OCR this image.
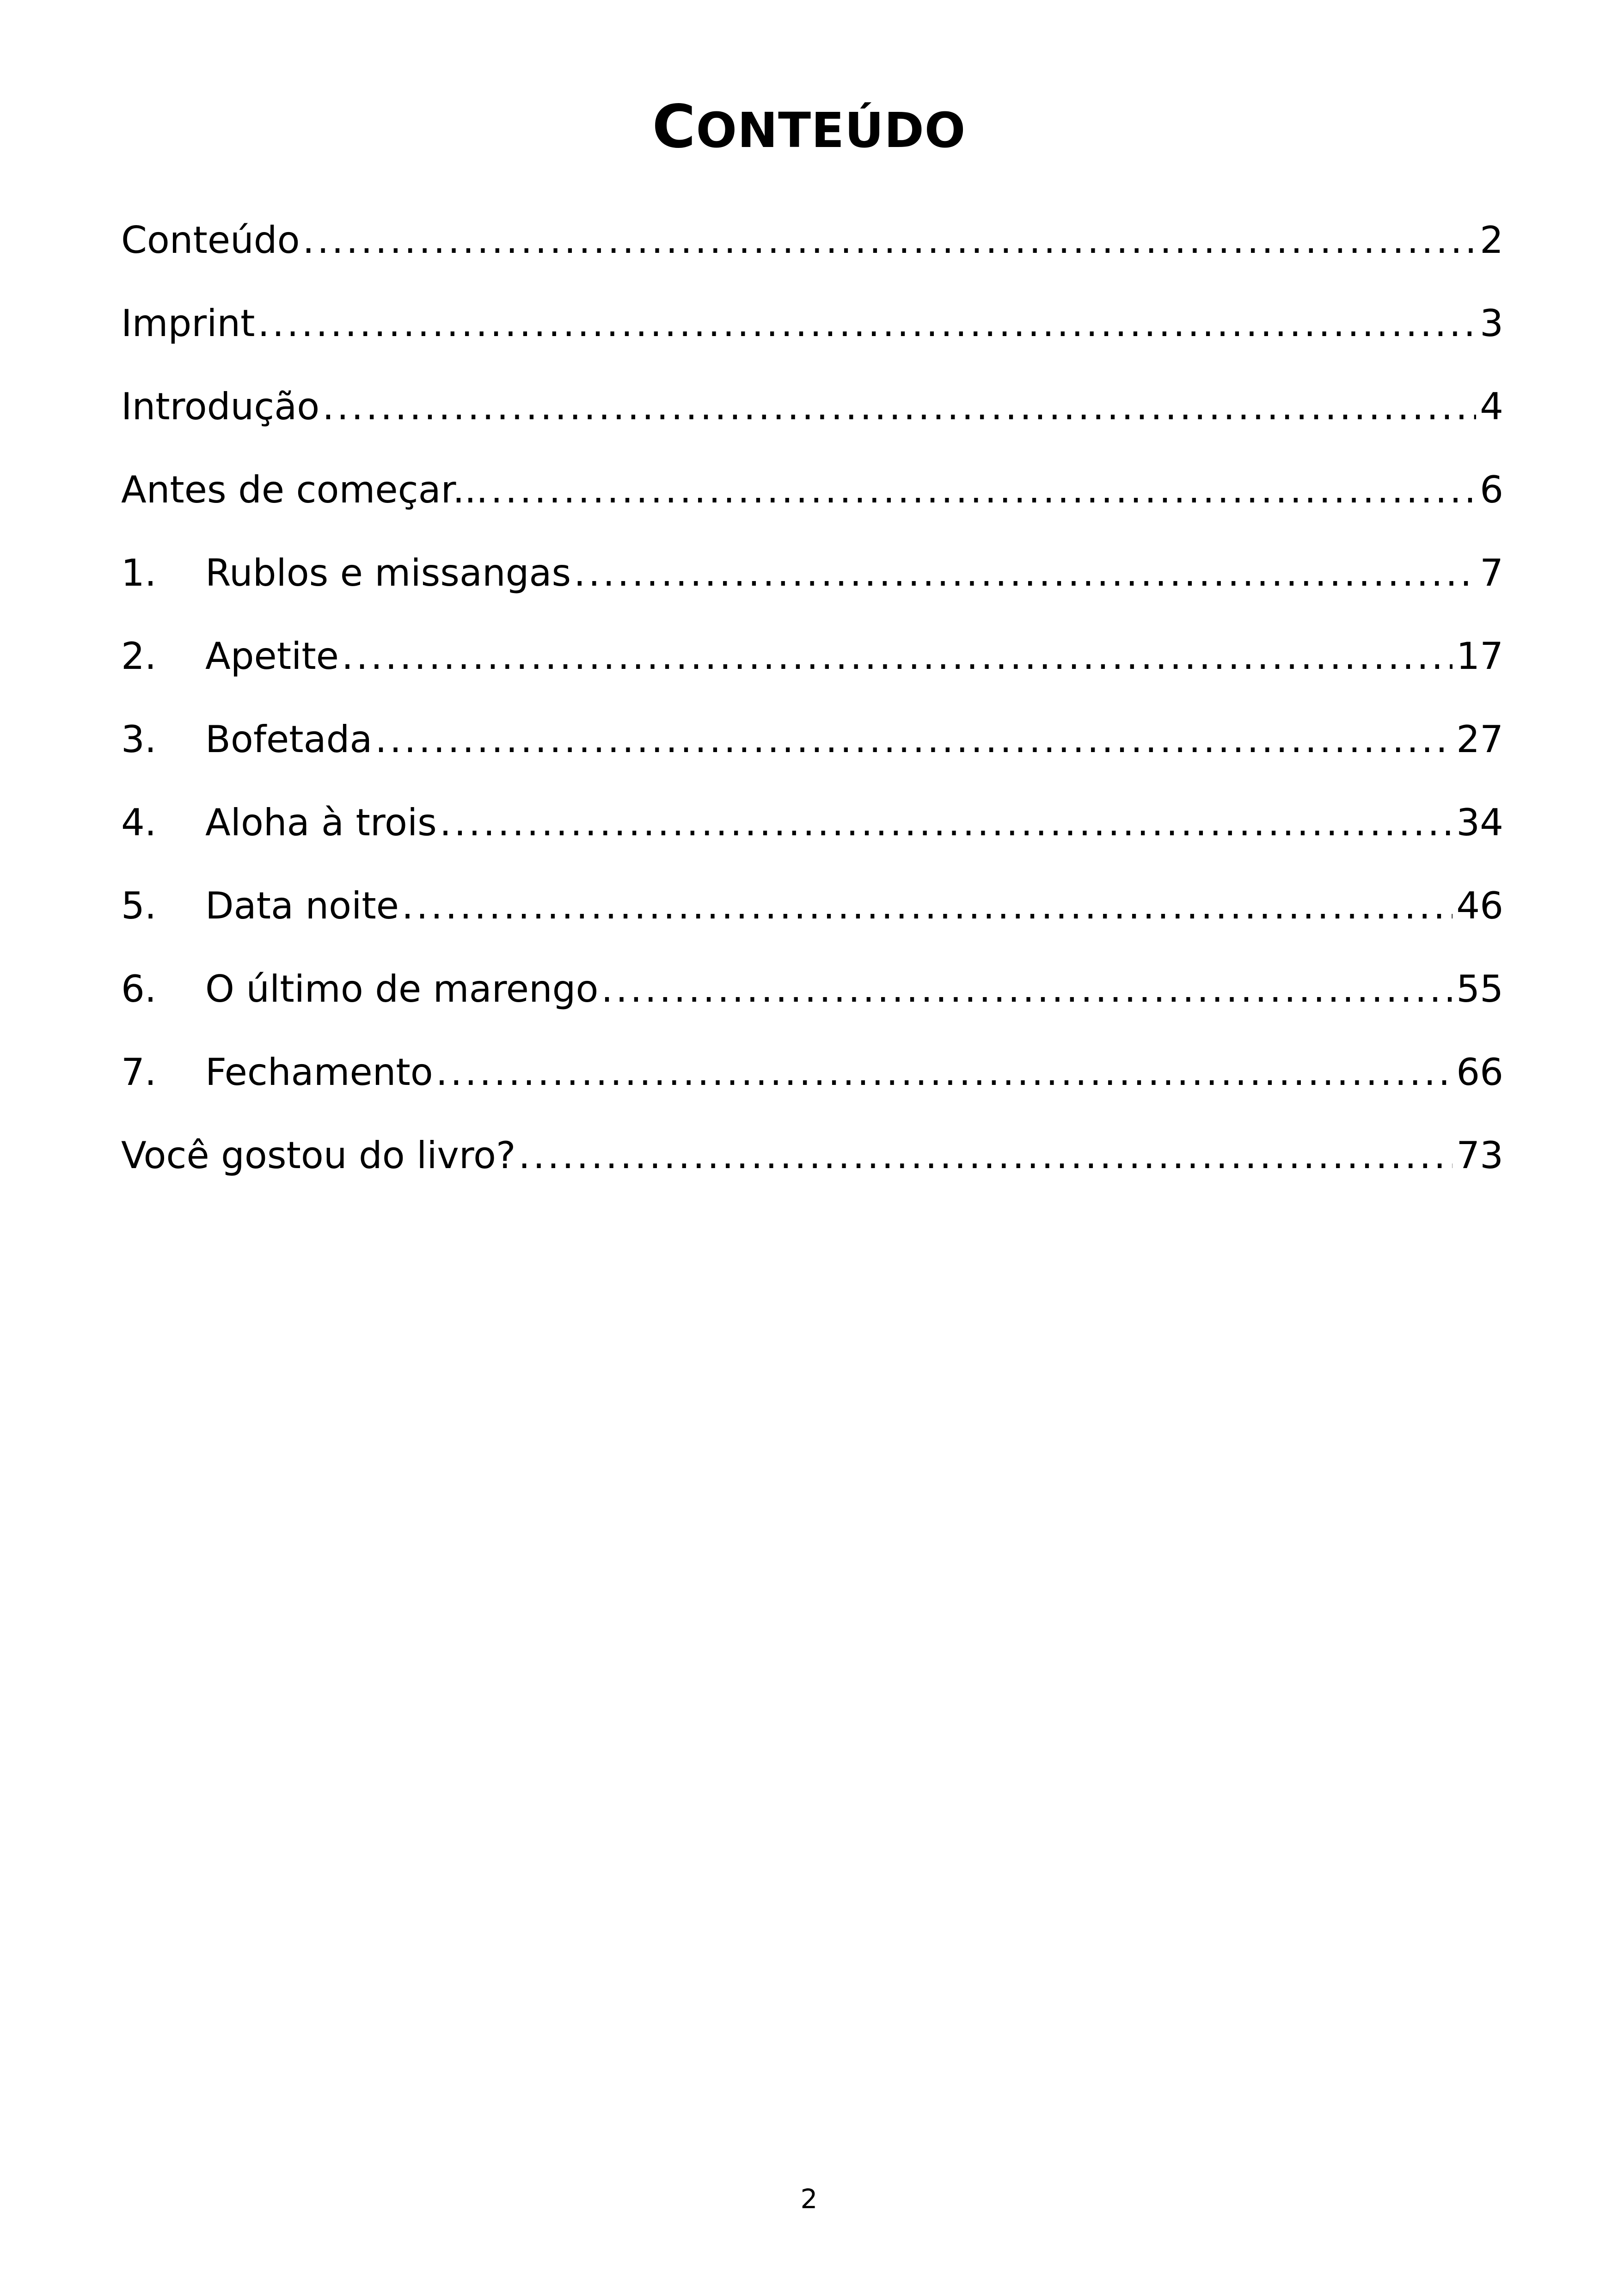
CONTEÚDO
Conteúdo .....	2
Imprint .....	3
Introdução .....	4
Antes de começar... .....	6
1.	Rublos e missangas .....	7
2.	Apetite .....	17
3.	Bofetada .....	27
4.	Aloha à trois .....	34
5.	Data noite .....	46
6.	O último de marengo .....	55
7.	Fechamento .....	66
Você gostou do livro? .....	73
2
